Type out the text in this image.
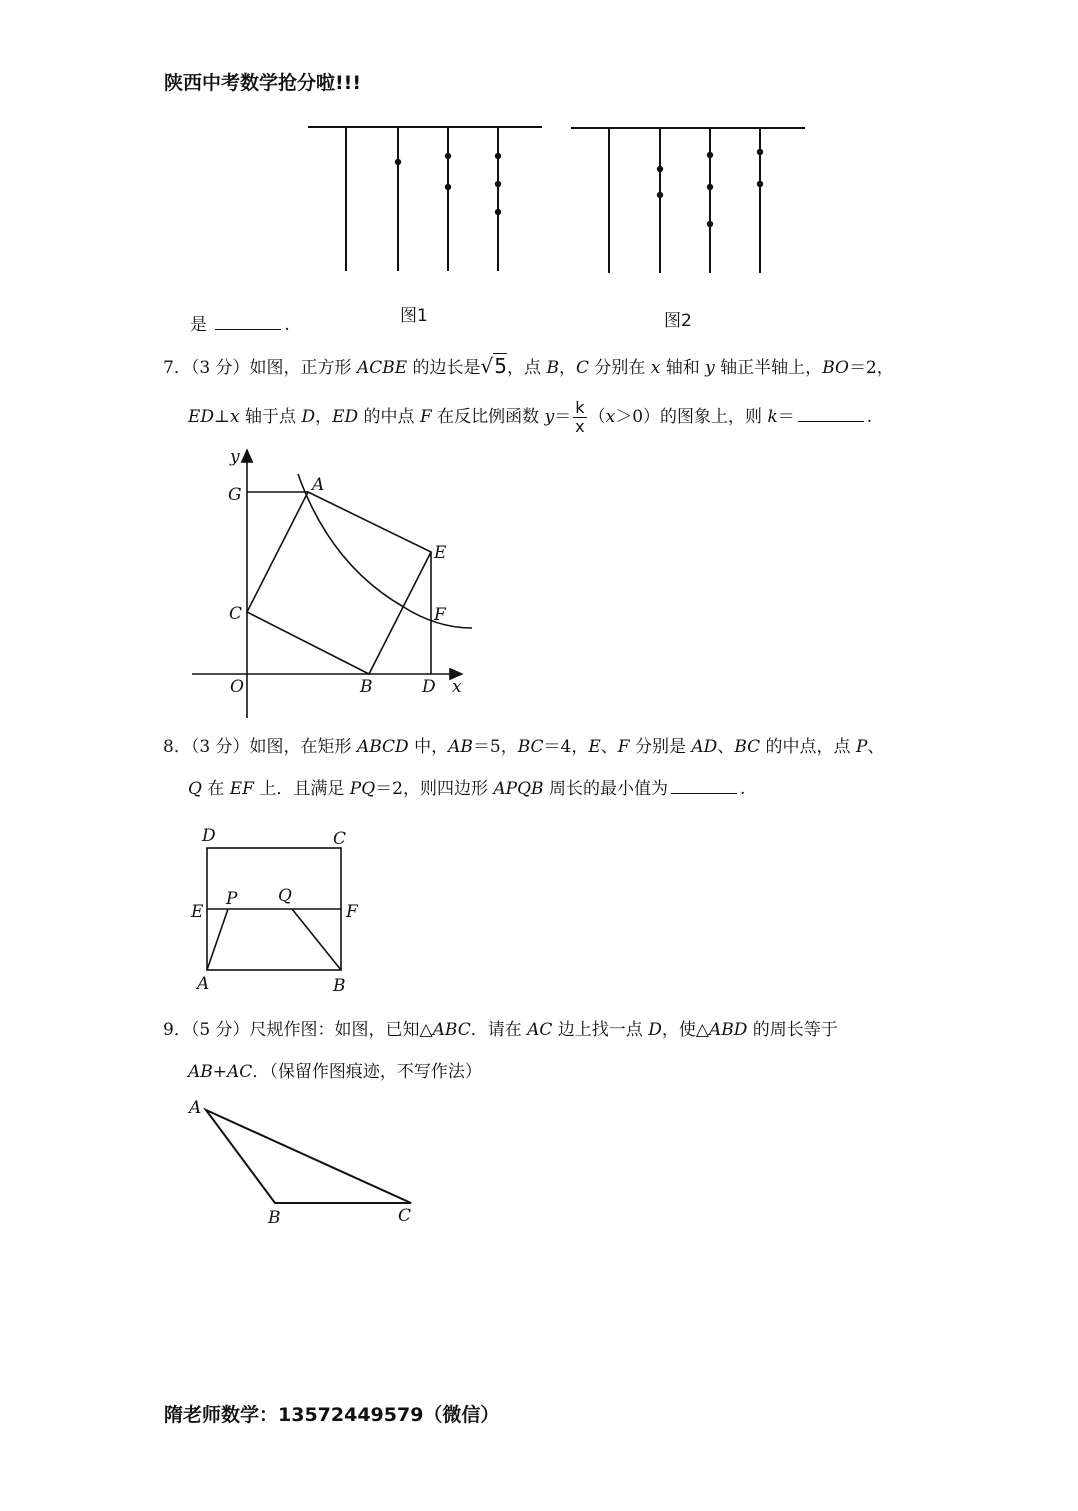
陕西中考数学抢分啦!!!
图1	图2
是	.
7．（3 分）如图，正方形 ACBE 的边长是√5，点 B，C 分别在 x 轴和 y 轴正半轴上，BO＝2，
ED⊥x 轴于点 D，ED 的中点 F 在反比例函数 $y= \frac{k}{x} (x>0)$的图象上，则 k＝	.
y
G	A
E
C	F
O	B	D x
8．（3 分）如图，在矩形 ABCD 中，AB＝5，BC＝4，E、F 分别是 AD、BC 的中点，点 P、
Q 在 EF 上．且满足 PQ＝2，则四边形 APQB 周长的最小值为	.
D	C
E
P Q
F
A	B
9．（5 分）尺规作图：如图，已知△ABC．请在 AC 边上找一点 D，使△ABD 的周长等于
AB+AC．（保留作图痕迹，不写作法）
A
B	C
隋老师数学：13572449579（微信）
